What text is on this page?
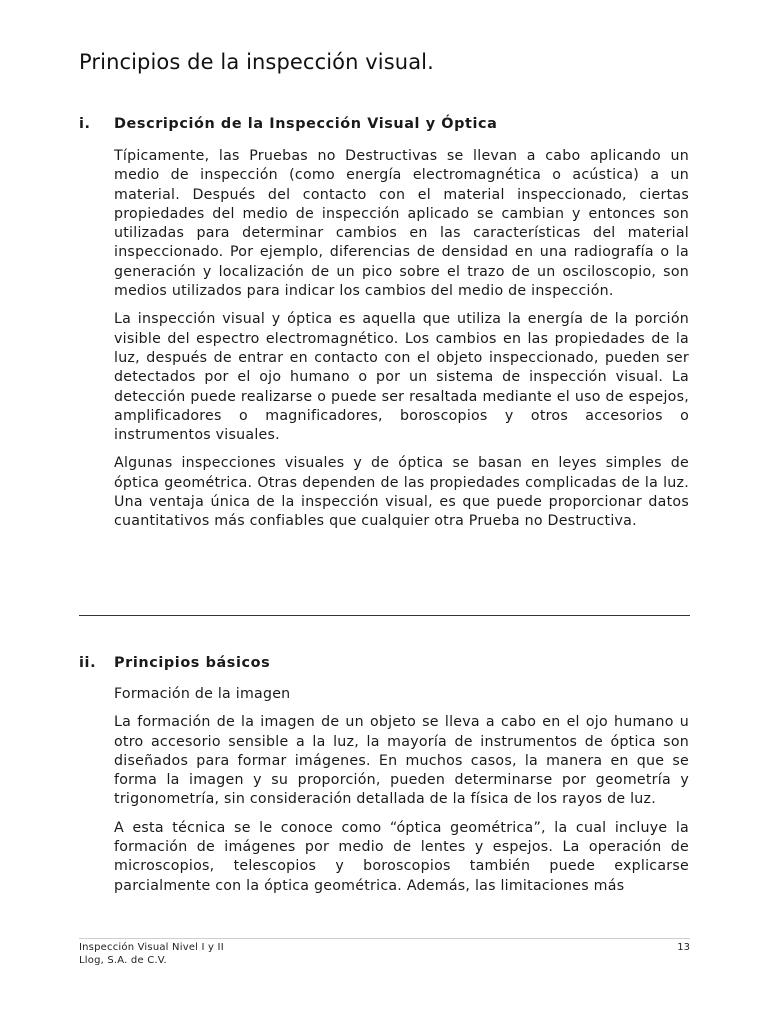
Principios de la inspección visual.
i. Descripción de la Inspección Visual y Óptica

Típicamente, las Pruebas no Destructivas se llevan a cabo aplicando un medio de inspección (como energía electromagnética o acústica) a un material. Después del contacto con el material inspeccionado, ciertas propiedades del medio de inspección aplicado se cambian y entonces son utilizadas para determinar cambios en las características del material inspeccionado. Por ejemplo, diferencias de densidad en una radiografía o la generación y localización de un pico sobre el trazo de un osciloscopio, son medios utilizados para indicar los cambios del medio de inspección.

La inspección visual y óptica es aquella que utiliza la energía de la porción visible del espectro electromagnético. Los cambios en las propiedades de la luz, después de entrar en contacto con el objeto inspeccionado, pueden ser detectados por el ojo humano o por un sistema de inspección visual. La detección puede realizarse o puede ser resaltada mediante el uso de espejos, amplificadores o magnificadores, boroscopios y otros accesorios o instrumentos visuales.

Algunas inspecciones visuales y de óptica se basan en leyes simples de óptica geométrica. Otras dependen de las propiedades complicadas de la luz. Una ventaja única de la inspección visual, es que puede proporcionar datos cuantitativos más confiables que cualquier otra Prueba no Destructiva.

ii. Principios básicos
Formación de la imagen

La formación de la imagen de un objeto se lleva a cabo en el ojo humano u otro accesorio sensible a la luz, la mayoría de instrumentos de óptica son diseñados para formar imágenes. En muchos casos, la manera en que se forma la imagen y su proporción, pueden determinarse por geometría y trigonometría, sin consideración detallada de la física de los rayos de luz.

A esta técnica se le conoce como “óptica geométrica”, la cual incluye la formación de imágenes por medio de lentes y espejos. La operación de microscopios, telescopios y boroscopios también puede explicarse parcialmente con la óptica geométrica. Además, las limitaciones más

Inspección Visual Nivel I y II
Llog, S.A. de C.V.
13
